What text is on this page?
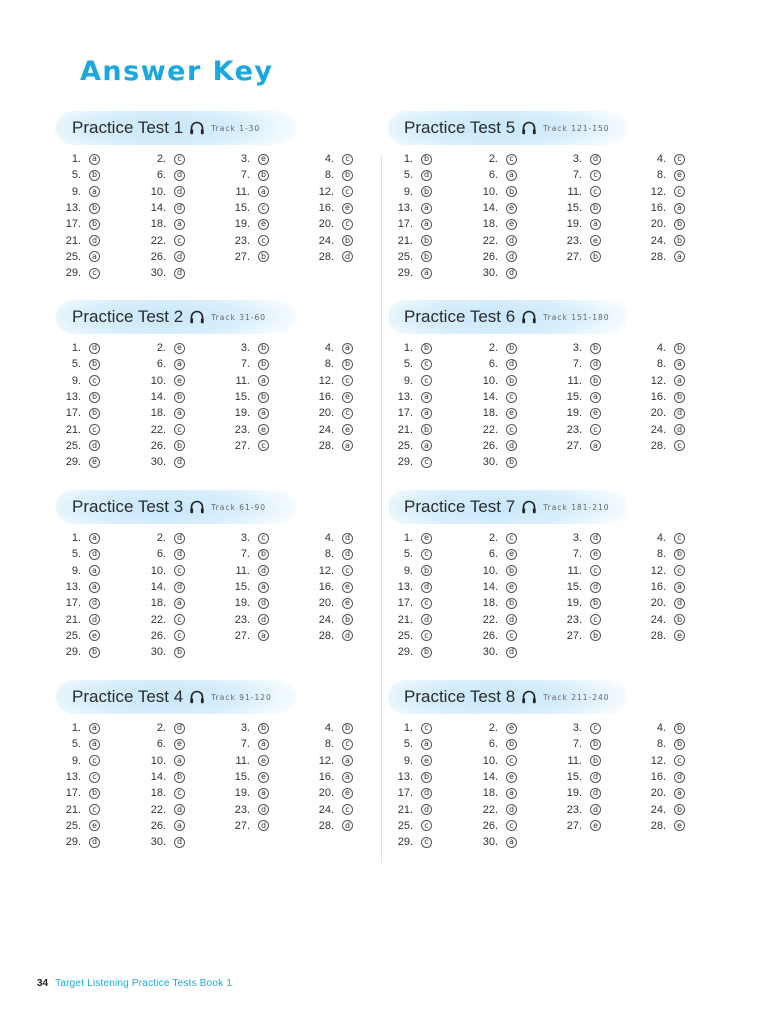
Answer Key
Practice Test 1	Track 1-30
1.	a	2.	c	3.	e	4.	c
5.	b	6.	d	7.	b	8.	b
9.	a	10.	d	11.	a	12.	c
13.	b	14.	d	15.	c	16.	e
17.	b	18.	a	19.	e	20.	c
21.	d	22.	c	23.	c	24.	b
25.	a	26.	d	27.	b	28.	d
29.	c	30.	d
Practice Test 2	Track 31-60
1.	d	2.	e	3.	b	4.	a
5.	b	6.	a	7.	b	8.	b
9.	c	10.	e	11.	a	12.	c
13.	b	14.	b	15.	b	16.	e
17.	b	18.	a	19.	a	20.	c
21.	c	22.	c	23.	e	24.	e
25.	d	26.	b	27.	c	28.	a
29.	e	30.	d
Practice Test 3	Track 61-90
1.	a	2.	d	3.	c	4.	d
5.	d	6.	d	7.	b	8.	d
9.	a	10.	c	11.	d	12.	c
13.	a	14.	d	15.	a	16.	e
17.	d	18.	a	19.	d	20.	e
21.	d	22.	c	23.	d	24.	b
25.	e	26.	c	27.	a	28.	d
29.	b	30.	b
Practice Test 4	Track 91-120
1.	a	2.	d	3.	b	4.	b
5.	a	6.	e	7.	a	8.	c
9.	c	10.	a	11.	e	12.	a
13.	c	14.	b	15.	e	16.	a
17.	b	18.	c	19.	a	20.	e
21.	c	22.	d	23.	d	24.	c
25.	e	26.	a	27.	d	28.	d
29.	d	30.	d
Practice Test 5	Track 121-150
1.	b	2.	c	3.	d	4.	c
5.	d	6.	a	7.	c	8.	e
9.	b	10.	b	11.	c	12.	c
13.	a	14.	e	15.	b	16.	a
17.	a	18.	e	19.	a	20.	b
21.	b	22.	d	23.	e	24.	b
25.	b	26.	d	27.	b	28.	a
29.	a	30.	d
Practice Test 6	Track 151-180
1.	b	2.	b	3.	b	4.	b
5.	c	6.	d	7.	d	8.	a
9.	c	10.	b	11.	b	12.	a
13.	a	14.	c	15.	a	16.	b
17.	a	18.	e	19.	e	20.	d
21.	b	22.	c	23.	c	24.	d
25.	a	26.	d	27.	a	28.	c
29.	c	30.	b
Practice Test 7	Track 181-210
1.	e	2.	c	3.	d	4.	c
5.	c	6.	e	7.	e	8.	b
9.	b	10.	b	11.	c	12.	c
13.	d	14.	e	15.	d	16.	a
17.	c	18.	b	19.	b	20.	d
21.	d	22.	d	23.	c	24.	b
25.	c	26.	c	27.	b	28.	e
29.	b	30.	d
Practice Test 8	Track 211-240
1.	c	2.	e	3.	c	4.	b
5.	a	6.	b	7.	b	8.	b
9.	e	10.	c	11.	b	12.	c
13.	b	14.	e	15.	d	16.	d
17.	d	18.	a	19.	d	20.	a
21.	d	22.	d	23.	d	24.	b
25.	c	26.	c	27.	e	28.	e
29.	c	30.	a
34 Target Listening Practice Tests Book 1
